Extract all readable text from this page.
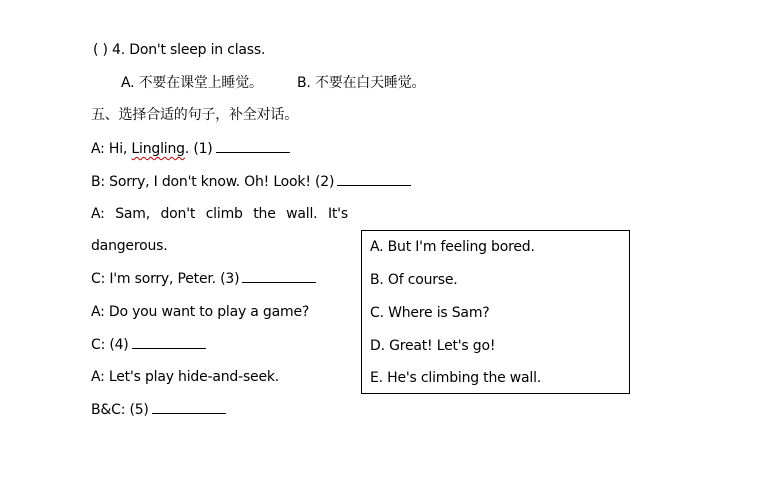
( ) 4. Don't sleep in class.
A. 不要在课堂上睡觉。 B. 不要在白天睡觉。
五、选择合适的句子，补全对话。
A: Hi, Lingling. (1)
B: Sorry, I don't know. Oh! Look! (2)
A: Sam, don't climb the wall. It's
dangerous.
C: I'm sorry, Peter. (3)
A: Do you want to play a game?
C: (4)
A: Let's play hide-and-seek.
B&C: (5)
A. But I'm feeling bored.
B. Of course.
C. Where is Sam?
D. Great! Let's go!
E. He's climbing the wall.
